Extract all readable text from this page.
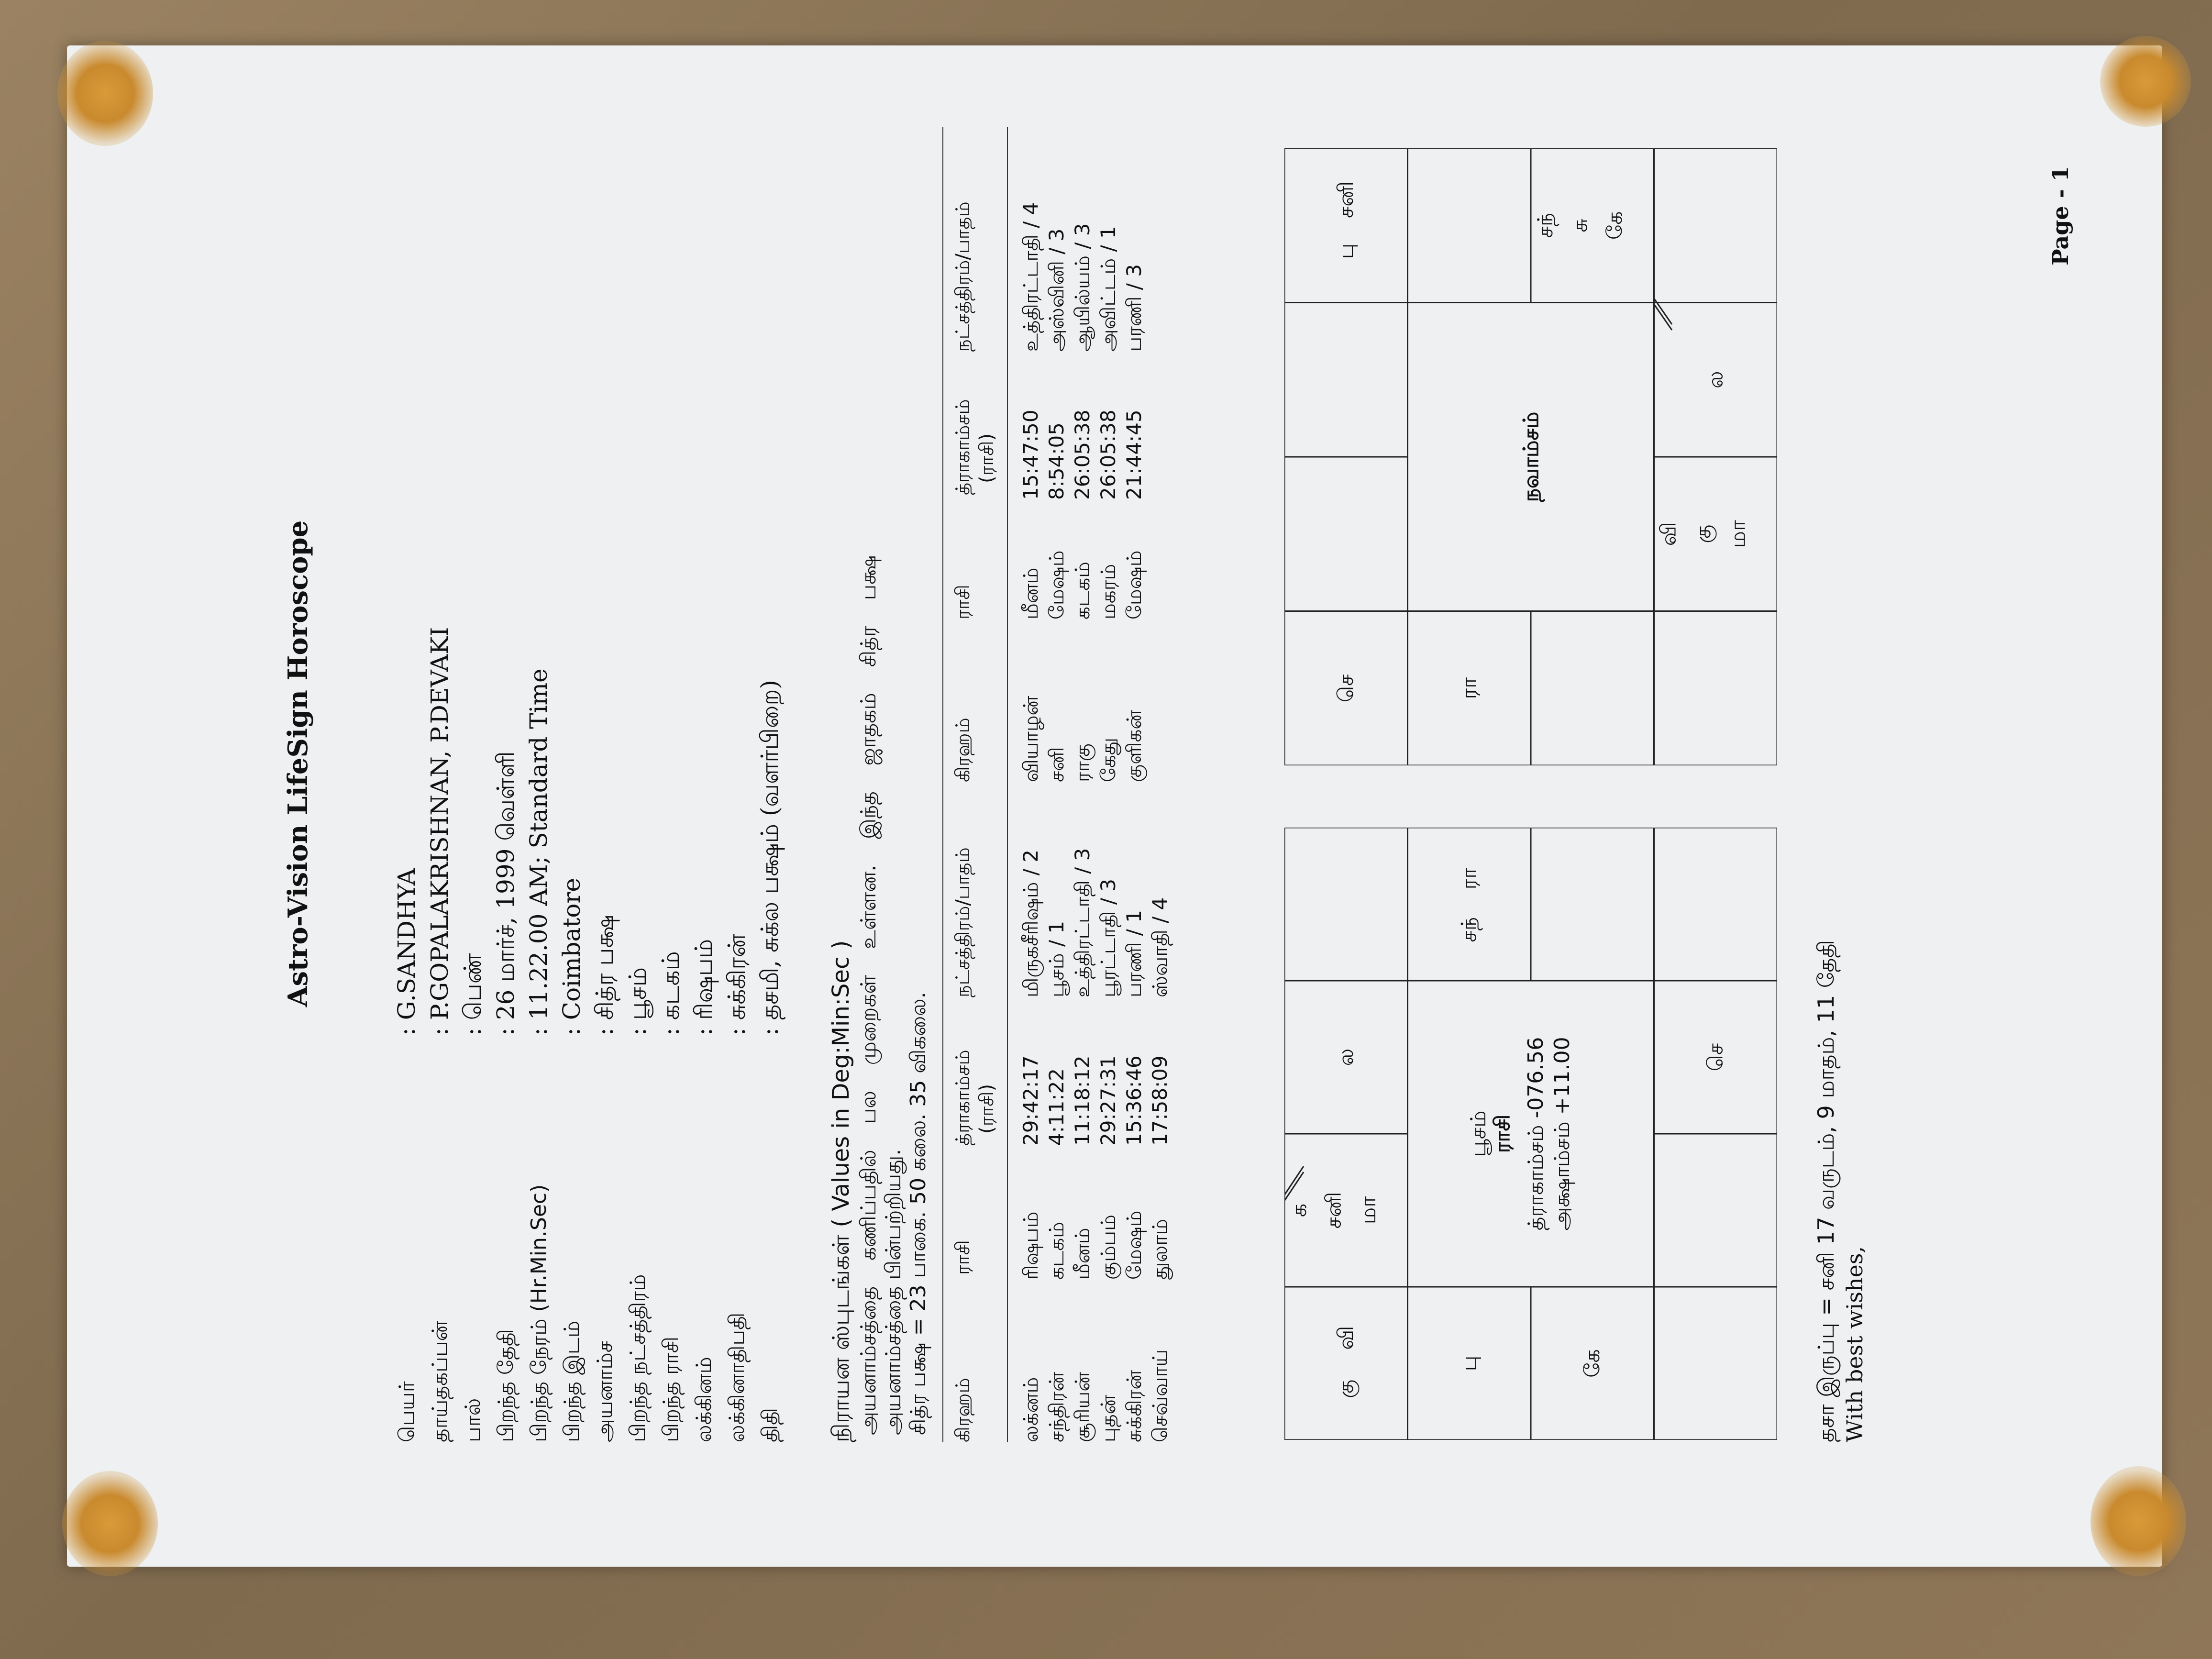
Astro-Vision LifeSign Horoscope
பெயர்
: G.SANDHYA
தாய்தகப்பன்
: P.GOPALAKRISHNAN, P.DEVAKI
பால்
: பெண்
பிறந்த தேதி
: 26 மார்ச், 1999 வெள்ளி
பிறந்த நேரம் (Hr.Min.Sec)
: 11.22.00 AM; Standard Time
பிறந்த இடம்
: Coimbatore
அயனாம்ச
: சித்ர பக்ஷ
பிறந்த நட்சத்திரம்
: பூசம்
பிறந்த ராசி
: கடகம்
லக்கினம்
: ரிஷபம்
லக்கினாதிபதி
: சுக்கிரன்
திதி
: தசமி, சுக்ல பக்ஷம் (வளர்பிறை)
நிராயன ஸ்புடங்கள் ( Values in Deg:Min:Sec ) அயனாம்சத்தை கணிப்பதில் பல முறைகள் உள்ளன. இந்த ஜாதகம் சித்ர பக்ஷ அயனாம்சத்தை பின்பற்றியது. சித்ர பக்ஷ = 23 பாகை. 50 கலை. 35 விகலை. கிரஹம்
ராசி
த்ராகாம்சம் (ராசி)
நட்சத்திரம்/பாதம்
கிரஹம்
ராசி
த்ராகாம்சம் (ராசி)
நட்சத்திரம்/பாதம்
லக்னம்
ரிஷபம்
29:42:17
மிருகசீரிஷம் / 2
சந்திரன்
கடகம்
4:11:22
பூசம் / 1
சூரியன்
மீனம்
11:18:12
உத்திரட்டாதி / 3
புதன்
கும்பம்
29:27:31
பூரட்டாதி / 3
சுக்கிரன்
மேஷம்
15:36:46
பரணி / 1
செவ்வாய்
துலாம்
17:58:09
ஸ்வாதி / 4
வியாழன்
மீனம்
15:47:50
உத்திரட்டாதி / 4
சனி
மேஷம்
8:54:05
அஸ்வினி / 3
ராகு
கடகம்
26:05:38
ஆயில்யம் / 3
கேது
மகரம்
26:05:38
அவிட்டம் / 1
குளிகன்
மேஷம்
21:44:45
பரணி / 3
கு
வி
க சனி மா
ல
பு
சந்
ரா
கே
செ
பூசம் ராசி த்ராகாம்சம் -076.56 அக்ஷாம்சம் +11.00
செ
பு
சனி
ரா
சந் சு கே
வி கு மா
ல
நவாம்சம்
தசா இருப்பு = சனி 17 வருடம், 9 மாதம், 11 தேதி With best wishes,
Page - 1
